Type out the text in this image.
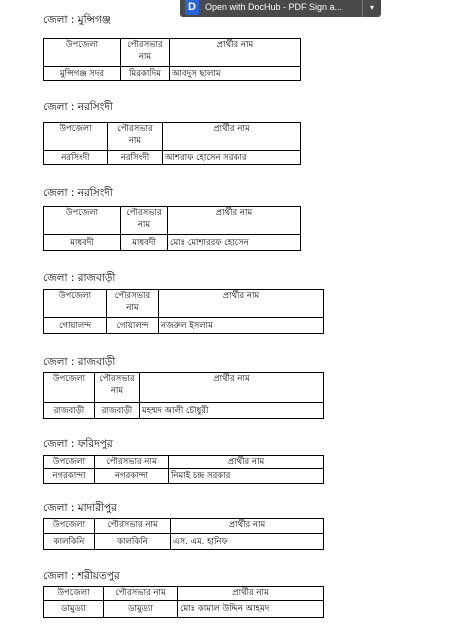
D	Open with DocHub - PDF Sign a...	▾
জেলা : মুন্সিগঞ্জ
উপজেলা	পৌরসভার নাম	প্রার্থীর নাম
মুন্সিগঞ্জ সদর	মিরকাদিম	আবদুস ছালাম
জেলা : নরসিংদী
উপজেলা	পৌরসভার নাম	প্রার্থীর নাম
নরসিংদী	নরসিংদী	আশরাফ হোসেন সরকার
জেলা : নরসিংদী
উপজেলা	পৌরসভার নাম	প্রার্থীর নাম
মাধবদী	মাধবদী	মোঃ মোশাররফ হোসেন
জেলা : রাজবাড়ী
উপজেলা	পৌরসভার নাম	প্রার্থীর নাম
গোয়ালন্দ	গোয়ালন্দ	নজরুল ইসলাম
জেলা : রাজবাড়ী
উপজেলা	পৌরসভার নাম	প্রার্থীর নাম
রাজবাড়ী	রাজবাড়ী	মহম্মদ আলী চৌধুরী
জেলা : ফরিদপুর
উপজেলা	পৌরসভার নাম	প্রার্থীর নাম
নগরকান্দা	নগরকান্দা	নিমাই চন্দ্র সরকার
জেলা : মাদারীপুর
উপজেলা	পৌরসভার নাম	প্রার্থীর নাম
কালকিনি	কালকিনি	এস. এম. হানিফ
জেলা : শরীয়তপুর
উপজেলা	পৌরসভার নাম	প্রার্থীর নাম
ডামুড্যা	ডামুড্যা	মোঃ কামাল উদ্দিন আহমদ
